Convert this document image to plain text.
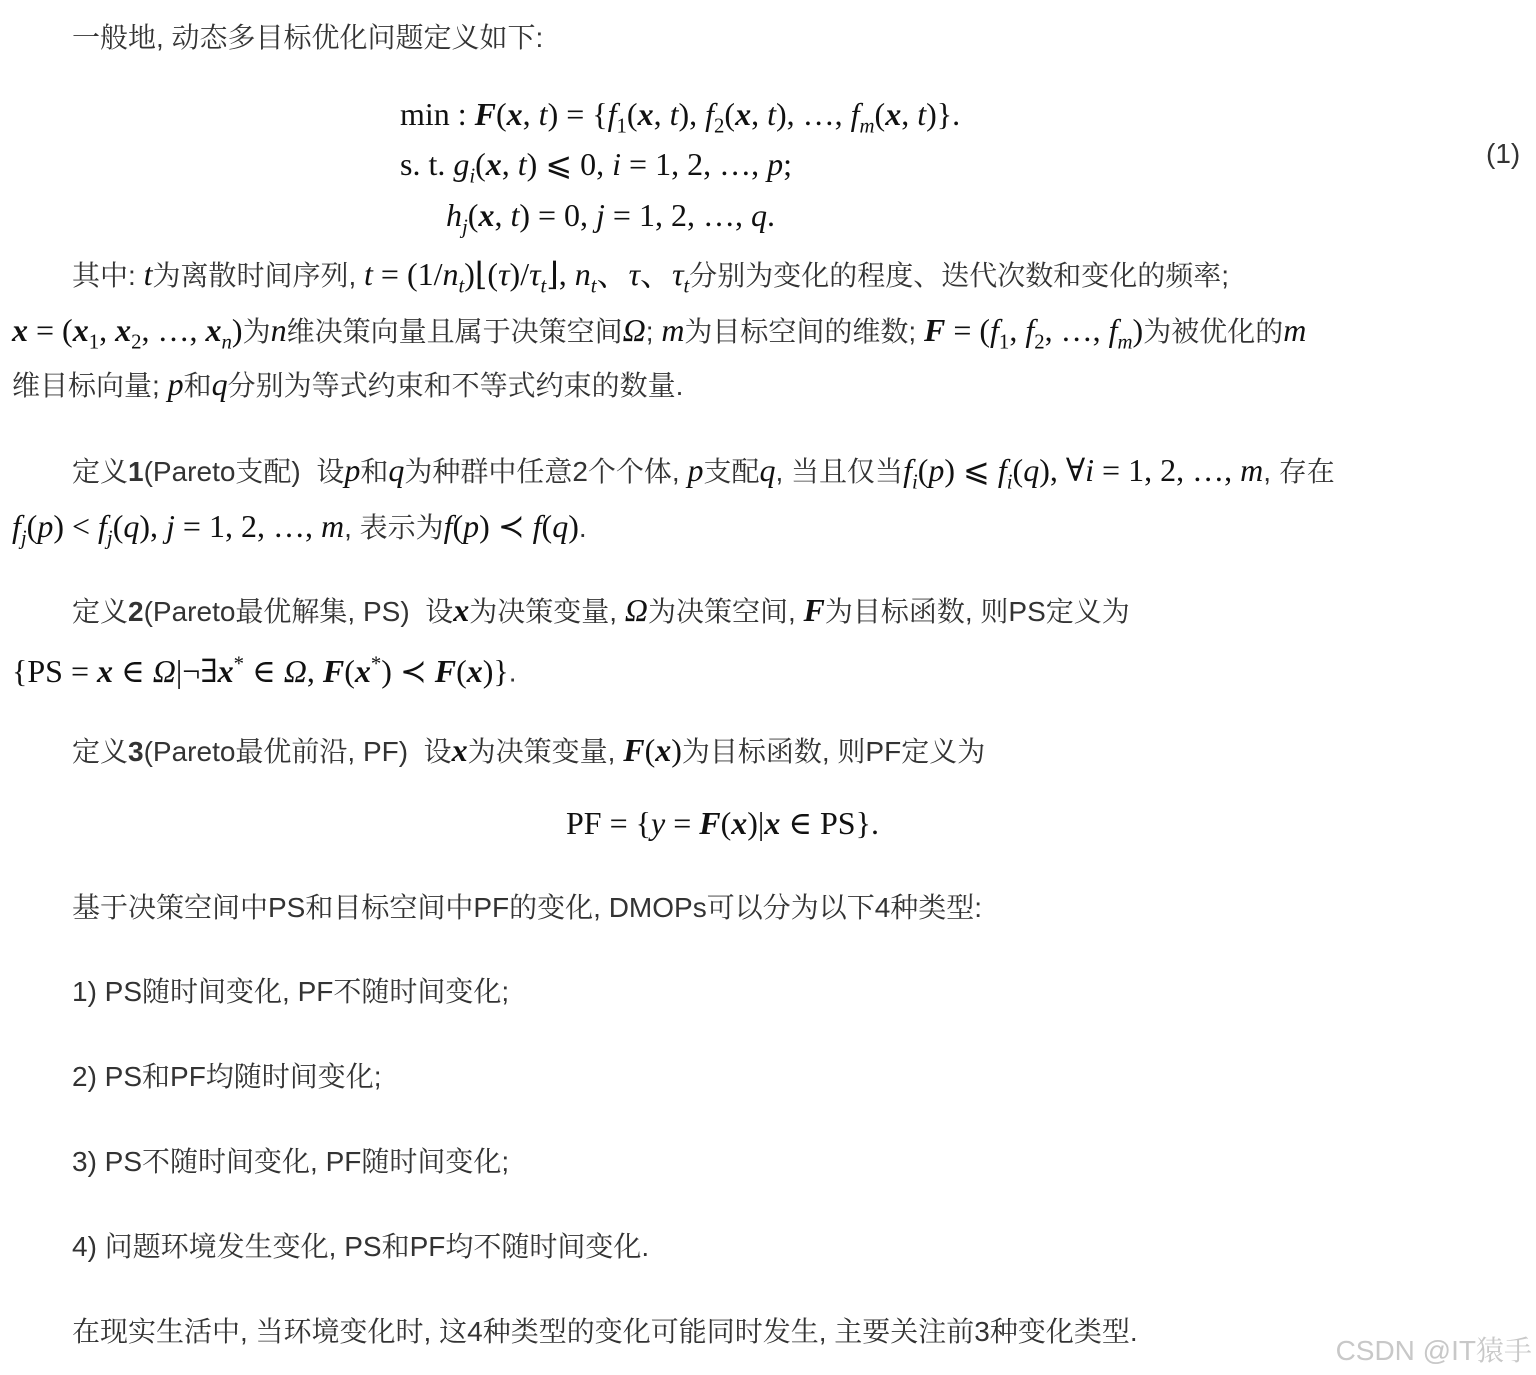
一般地, 动态多目标优化问题定义如下:
min : F(x, $t) = \{f_1(x$, t), $f_2(x$, t), …, $f_m(x$, t)}.
s. t. $g_i(x$, t) ⩽ 0, i = 1, 2, …, p;
$h_j(x$, t) = 0, j = 1, 2, …, q.
(1)
其中: t为离散时间序列, $t = (1/n_t)⌊(\tau)/\tau_t⌋$, $n_t$、τ、$\tau_t$分别为变化的程度、迭代次数和变化的频率;
$x = (x_1$, $x_2$, …, $x_n$)为n维决策向量且属于决策空间Ω; m为目标空间的维数; $F = (f_1$, $f_2$, …, $f_m$)为被优化的m
维目标向量; p和q分别为等式约束和不等式约束的数量.
定义1(Pareto支配) 设p和q为种群中任意2个个体, p支配q, 当且仅当$f_i(p)$ ⩽ $f_i(q)$, ∀i = 1, 2, …, m, 存在
$f_j(p) < f_j(q)$, j = 1, 2, …, m, 表示为f(p) ≺ f(q).
定义2(Pareto最优解集, PS) 设x为决策变量, Ω为决策空间, F为目标函数, 则PS定义为
{PS = x ∈ Ω|¬∃x* ∈ Ω, F(x*) ≺ F(x)}.
定义3(Pareto最优前沿, PF) 设x为决策变量, F(x)为目标函数, 则PF定义为
PF = {y = F(x)|x ∈ PS}.
基于决策空间中PS和目标空间中PF的变化, DMOPs可以分为以下4种类型:
1) PS随时间变化, PF不随时间变化;
2) PS和PF均随时间变化;
3) PS不随时间变化, PF随时间变化;
4) 问题环境发生变化, PS和PF均不随时间变化.
在现实生活中, 当环境变化时, 这4种类型的变化可能同时发生, 主要关注前3种变化类型.
CSDN @IT猿手
